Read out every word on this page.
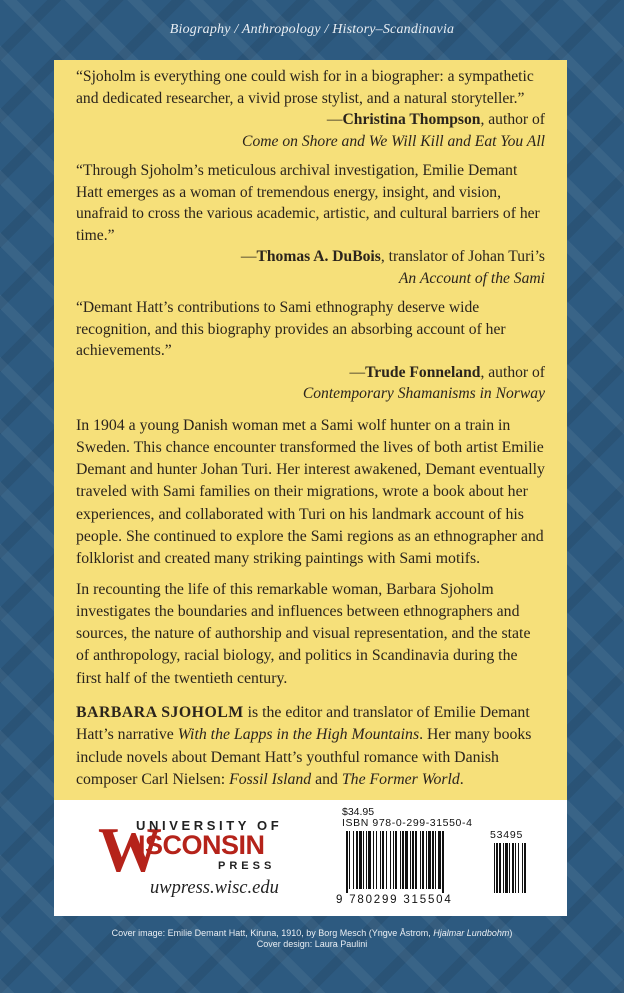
Biography / Anthropology / History–Scandinavia

“Sjoholm is everything one could wish for in a biographer: a sympathetic and dedicated researcher, a vivid prose stylist, and a natural storyteller.”

—Christina Thompson, author of
Come on Shore and We Will Kill and Eat You All

“Through Sjoholm’s meticulous archival investigation, Emilie Demant Hatt emerges as a woman of tremendous energy, insight, and vision, unafraid to cross the various academic, artistic, and cultural barriers of her time.”

—Thomas A. DuBois, translator of Johan Turi’s
An Account of the Sami

“Demant Hatt’s contributions to Sami ethnography deserve wide recognition, and this biography provides an absorbing account of her achievements.”

—Trude Fonneland, author of
Contemporary Shamanisms in Norway

In 1904 a young Danish woman met a Sami wolf hunter on a train in Sweden. This chance encounter transformed the lives of both artist Emilie Demant and hunter Johan Turi. Her interest awakened, Demant eventually traveled with Sami families on their migrations, wrote a book about her experiences, and collaborated with Turi on his landmark account of his people. She continued to explore the Sami regions as an ethnographer and folklorist and created many striking paintings with Sami motifs.

In recounting the life of this remarkable woman, Barbara Sjoholm investigates the boundaries and influences between ethnographers and sources, the nature of authorship and visual representation, and the state of anthropology, racial biology, and politics in Scandinavia during the first half of the twentieth century.

BARBARA SJOHOLM is the editor and translator of Emilie Demant Hatt’s narrative With the Lapps in the High Mountains. Her many books include novels about Demant Hatt’s youthful romance with Danish composer Carl Nielsen: Fossil Island and The Former World.

W
UNIVERSITY OF
ISCONSIN
PRESS
uwpress.wisc.edu
$34.95
ISBN 978-0-299-31550-4
53495
9 780299 315504
Cover image: Emilie Demant Hatt, Kiruna, 1910, by Borg Mesch (Yngve Åstrom, Hjalmar Lundbohm)
Cover design: Laura Paulini
